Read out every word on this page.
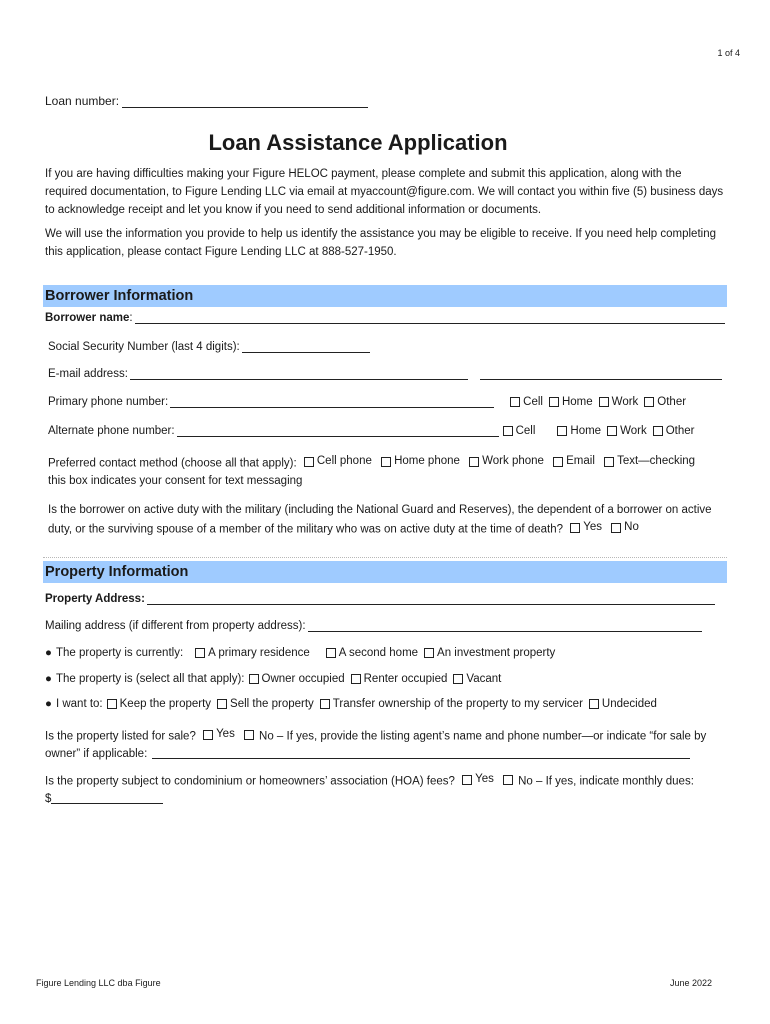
1 of 4
Loan number:
Loan Assistance Application

If you are having difficulties making your Figure HELOC payment, please complete and submit this application, along with the required documentation, to Figure Lending LLC via email at myaccount@figure.com. We will contact you within five (5) business days to acknowledge receipt and let you know if you need to send additional information or documents.

We will use the information you provide to help us identify the assistance you may be eligible to receive. If you need help completing this application, please contact Figure Lending LLC at 888-527-1950.

Borrower Information
Borrower name :
Social Security Number (last 4 digits):
E-mail address:
Primary phone number:	Cell Home Work Other
Alternate phone number:	Cell	Home Work Other
Preferred contact method (choose all that apply): Cell phone
Home phone
Work phone
Email
Text—checking

this box indicates your consent for text messaging
Is the borrower on active duty with the military (including the National Guard and Reserves), the dependent of a borrower on active duty, or the surviving spouse of a member of the military who was on active duty at the time of death? Yes
No
Property Information
Property Address:
Mailing address (if different from property address):
● The property is currently: A primary residence	A second home An investment property
● The property is (select all that apply): Owner occupied Renter occupied Vacant
● I want to: Keep the property Sell the property Transfer ownership of the property to my servicer Undecided
Is the property listed for sale? Yes
No – If yes, provide the listing agent’s name and phone number—or indicate “for sale by owner” if applicable:
Is the property subject to condominium or homeowners’ association (HOA) fees? Yes
No – If yes, indicate monthly dues:
$
Figure Lending LLC dba Figure	June 2022
